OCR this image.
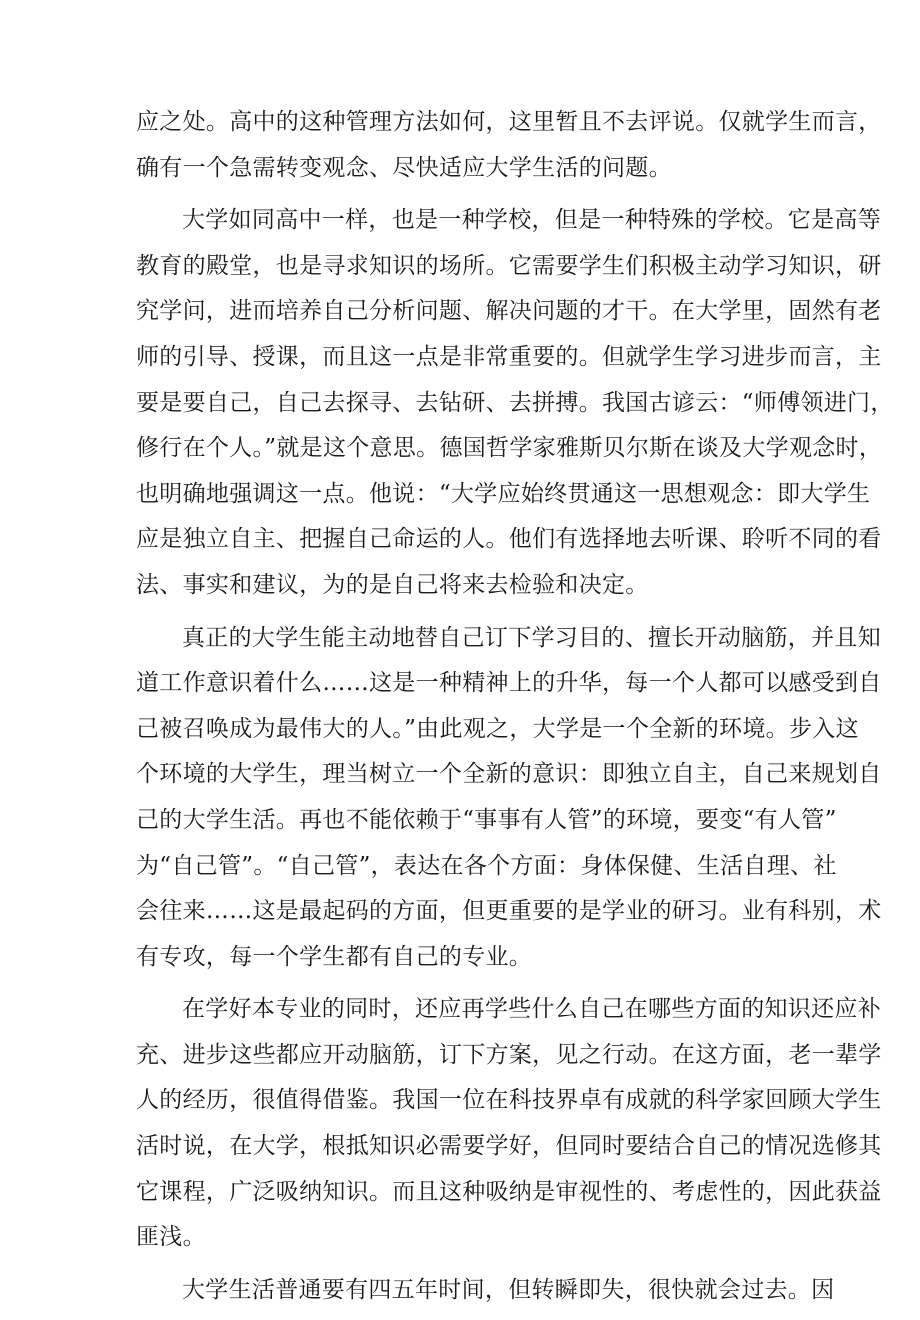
应之处。高中的这种管理方法如何，这里暂且不去评说。仅就学生而言，
确有一个急需转变观念、尽快适应大学生活的问题。
大学如同高中一样，也是一种学校，但是一种特殊的学校。它是高等
教育的殿堂，也是寻求知识的场所。它需要学生们积极主动学习知识，研
究学问，进而培养自己分析问题、解决问题的才干。在大学里，固然有老
师的引导、授课，而且这一点是非常重要的。但就学生学习进步而言，主
要是要自己，自己去探寻、去钻研、去拼搏。我国古谚云：“师傅领进门，
修行在个人。”就是这个意思。德国哲学家雅斯贝尔斯在谈及大学观念时，
也明确地强调这一点。他说：“大学应始终贯通这一思想观念：即大学生
应是独立自主、把握自己命运的人。他们有选择地去听课、聆听不同的看
法、事实和建议，为的是自己将来去检验和决定。
真正的大学生能主动地替自己订下学习目的、擅长开动脑筋，并且知
道工作意识着什么……这是一种精神上的升华，每一个人都可以感受到自
己被召唤成为最伟大的人。”由此观之，大学是一个全新的环境。步入这
个环境的大学生，理当树立一个全新的意识：即独立自主，自己来规划自
己的大学生活。再也不能依赖于“事事有人管”的环境，要变“有人管”
为“自己管”。“自己管”，表达在各个方面：身体保健、生活自理、社
会往来……这是最起码的方面，但更重要的是学业的研习。业有科别，术
有专攻，每一个学生都有自己的专业。
在学好本专业的同时，还应再学些什么自己在哪些方面的知识还应补
充、进步这些都应开动脑筋，订下方案，见之行动。在这方面，老一辈学
人的经历，很值得借鉴。我国一位在科技界卓有成就的科学家回顾大学生
活时说，在大学，根抵知识必需要学好，但同时要结合自己的情况选修其
它课程，广泛吸纳知识。而且这种吸纳是审视性的、考虑性的，因此获益
匪浅。
大学生活普通要有四五年时间，但转瞬即失，很快就会过去。因
